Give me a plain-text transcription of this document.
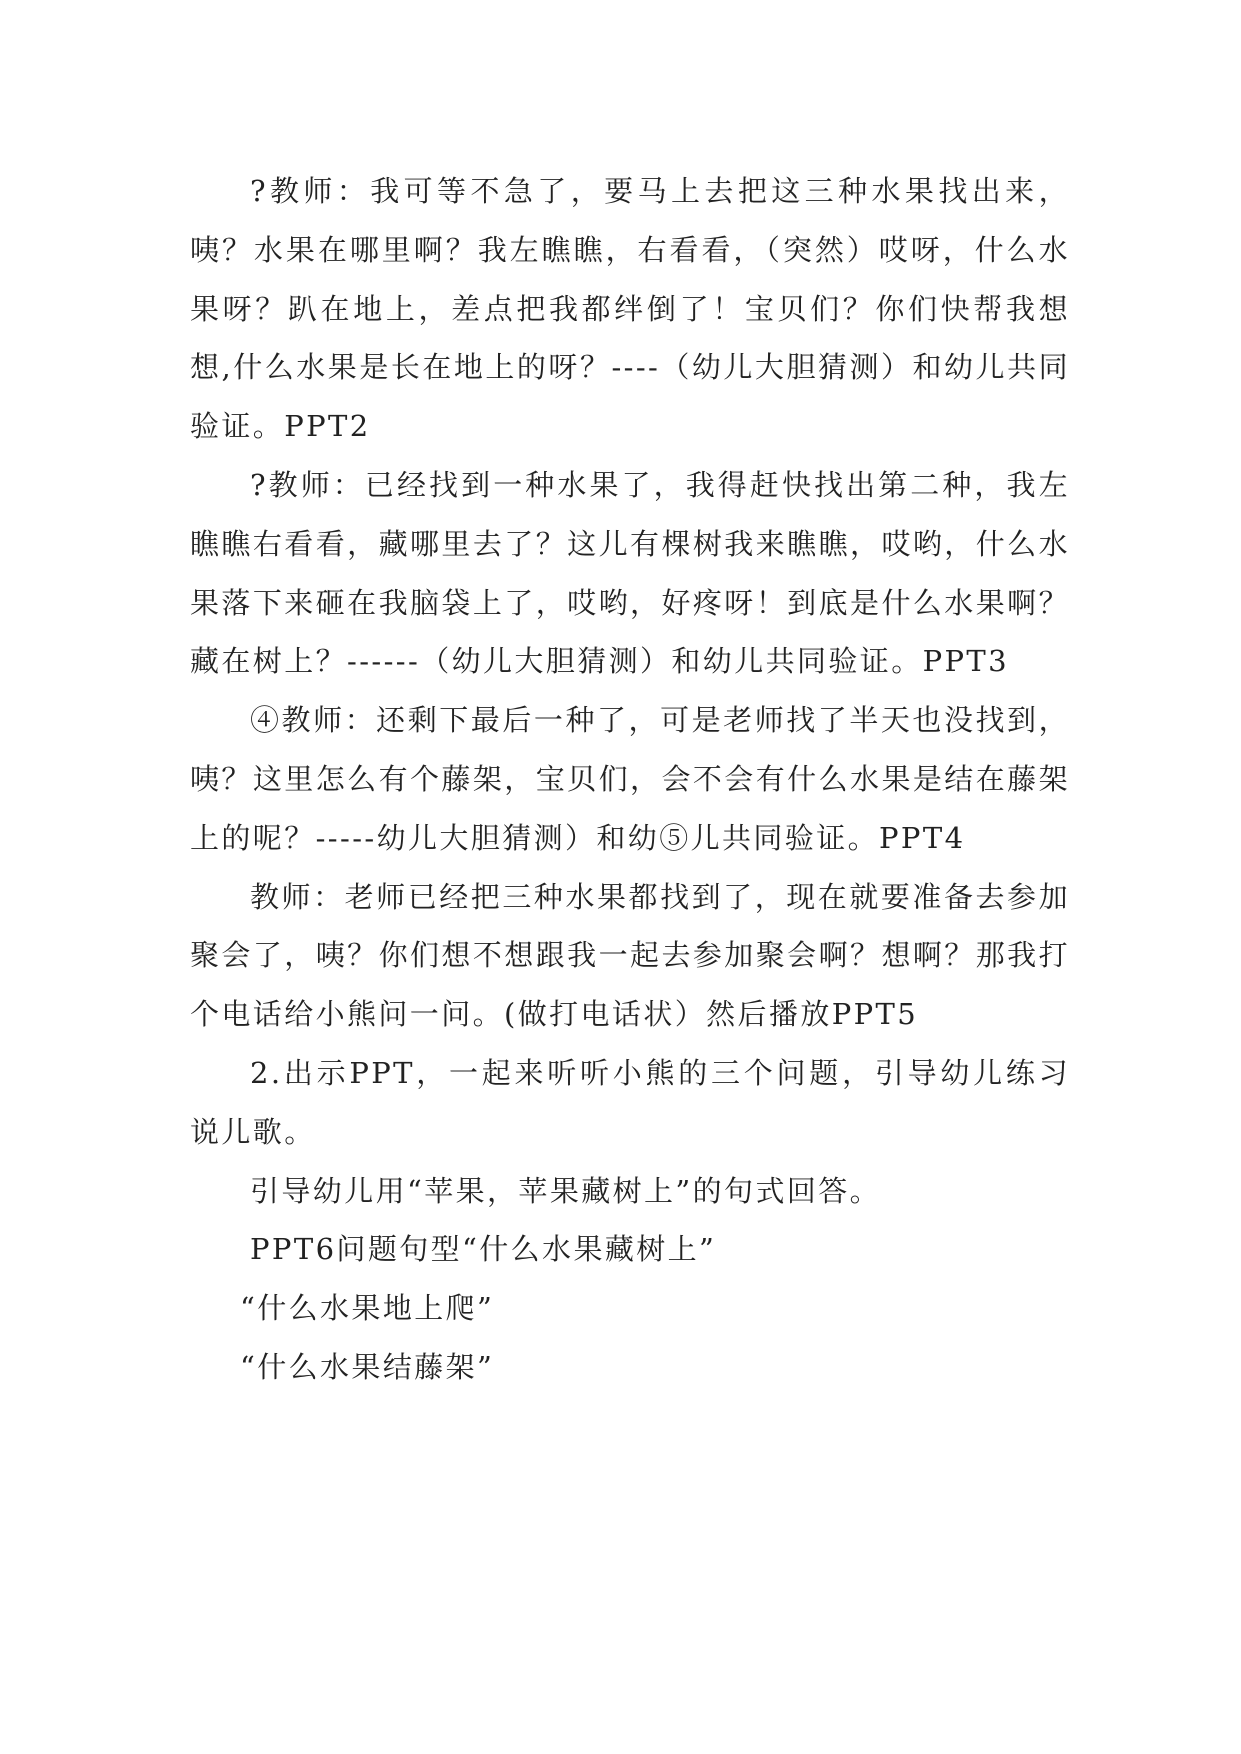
?教师：我可等不急了，要马上去把这三种水果找出来，咦？水果在哪里啊？我左瞧瞧，右看看，（突然）哎呀，什么水果呀？趴在地上，差点把我都绊倒了！宝贝们？你们快帮我想想,什么水果是长在地上的呀？----（幼儿大胆猜测）和幼儿共同验证。PPT2

?教师：已经找到一种水果了，我得赶快找出第二种，我左瞧瞧右看看，藏哪里去了？这儿有棵树我来瞧瞧，哎哟，什么水果落下来砸在我脑袋上了，哎哟，好疼呀！到底是什么水果啊？藏在树上？------（幼儿大胆猜测）和幼儿共同验证。PPT3

④教师：还剩下最后一种了，可是老师找了半天也没找到，咦？这里怎么有个藤架，宝贝们，会不会有什么水果是结在藤架上的呢？-----幼儿大胆猜测）和幼⑤儿共同验证。PPT4

教师：老师已经把三种水果都找到了，现在就要准备去参加聚会了，咦？你们想不想跟我一起去参加聚会啊？想啊？那我打个电话给小熊问一问。(做打电话状）然后播放PPT5

2.出示PPT，一起来听听小熊的三个问题，引导幼儿练习说儿歌。

引导幼儿用“苹果，苹果藏树上”的句式回答。

PPT6问题句型“什么水果藏树上”

“什么水果地上爬”

“什么水果结藤架”
